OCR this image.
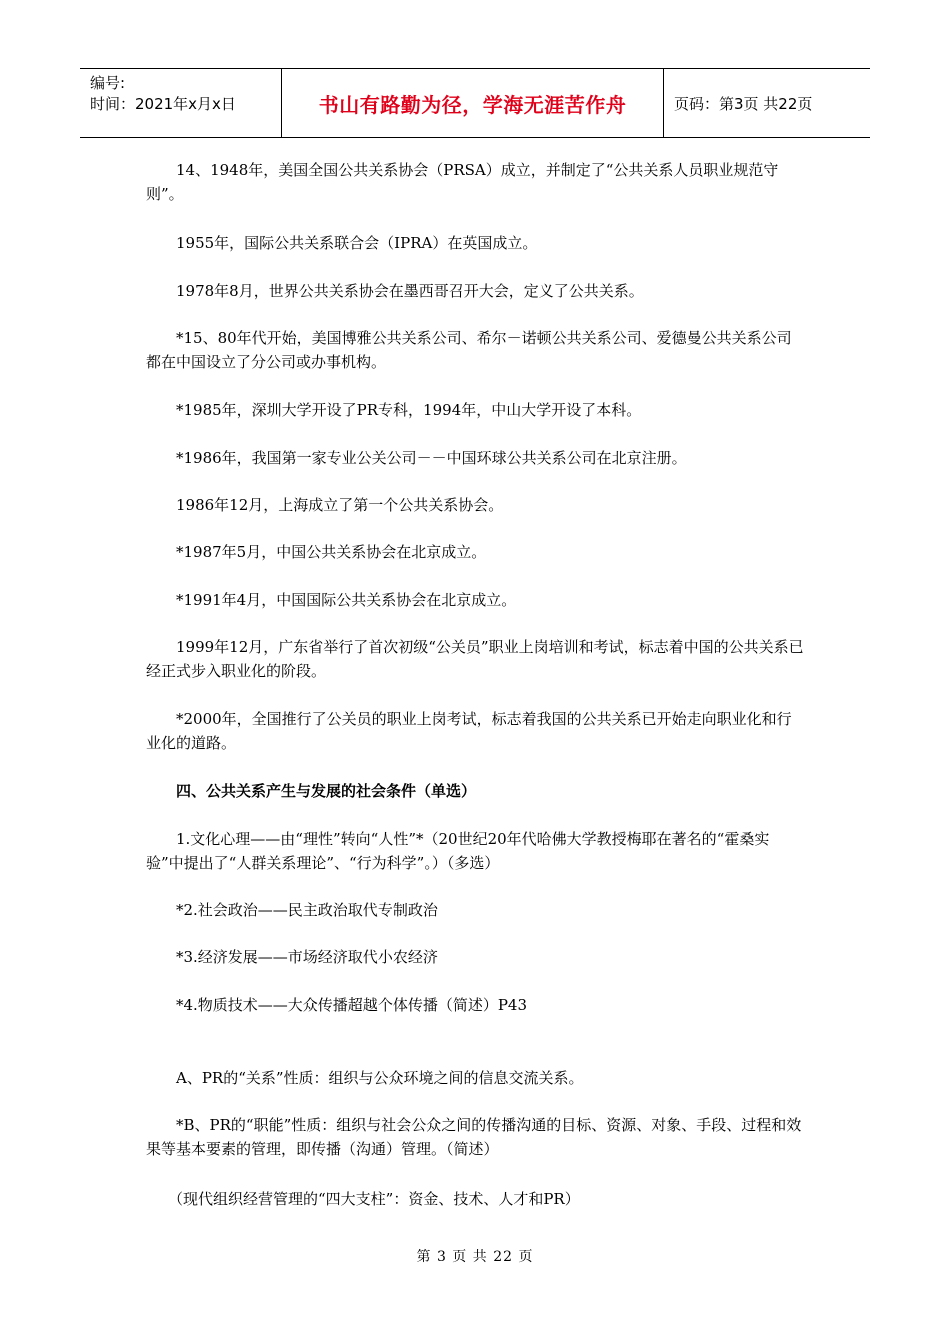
编号:
时间：2021年x月x日	书山有路勤为径，学海无涯苦作舟	页码：第3页 共22页
14、1948年，美国全国公共关系协会（PRSA）成立，并制定了“公共关系人员职业规范守则”。
1955年，国际公共关系联合会（IPRA）在英国成立。
1978年8月，世界公共关系协会在墨西哥召开大会，定义了公共关系。
*15、80年代开始，美国博雅公共关系公司、希尔－诺顿公共关系公司、爱德曼公共关系公司都在中国设立了分公司或办事机构。
*1985年，深圳大学开设了PR专科，1994年，中山大学开设了本科。
*1986年，我国第一家专业公关公司－－中国环球公共关系公司在北京注册。
1986年12月，上海成立了第一个公共关系协会。
*1987年5月，中国公共关系协会在北京成立。
*1991年4月，中国国际公共关系协会在北京成立。
1999年12月，广东省举行了首次初级“公关员”职业上岗培训和考试，标志着中国的公共关系已经正式步入职业化的阶段。
*2000年，全国推行了公关员的职业上岗考试，标志着我国的公共关系已开始走向职业化和行业化的道路。
四、公共关系产生与发展的社会条件（单选）
1.文化心理——由“理性”转向“人性”*（20世纪20年代哈佛大学教授梅耶在著名的“霍桑实验”中提出了“人群关系理论”、“行为科学”。）（多选）
*2.社会政治——民主政治取代专制政治
*3.经济发展——市场经济取代小农经济
*4.物质技术——大众传播超越个体传播（简述）P43
A、PR的“关系”性质：组织与公众环境之间的信息交流关系。
*B、PR的“职能”性质：组织与社会公众之间的传播沟通的目标、资源、对象、手段、过程和效果等基本要素的管理，即传播（沟通）管理。（简述）
（现代组织经营管理的“四大支柱”：资金、技术、人才和PR）
第 3 页 共 22 页
